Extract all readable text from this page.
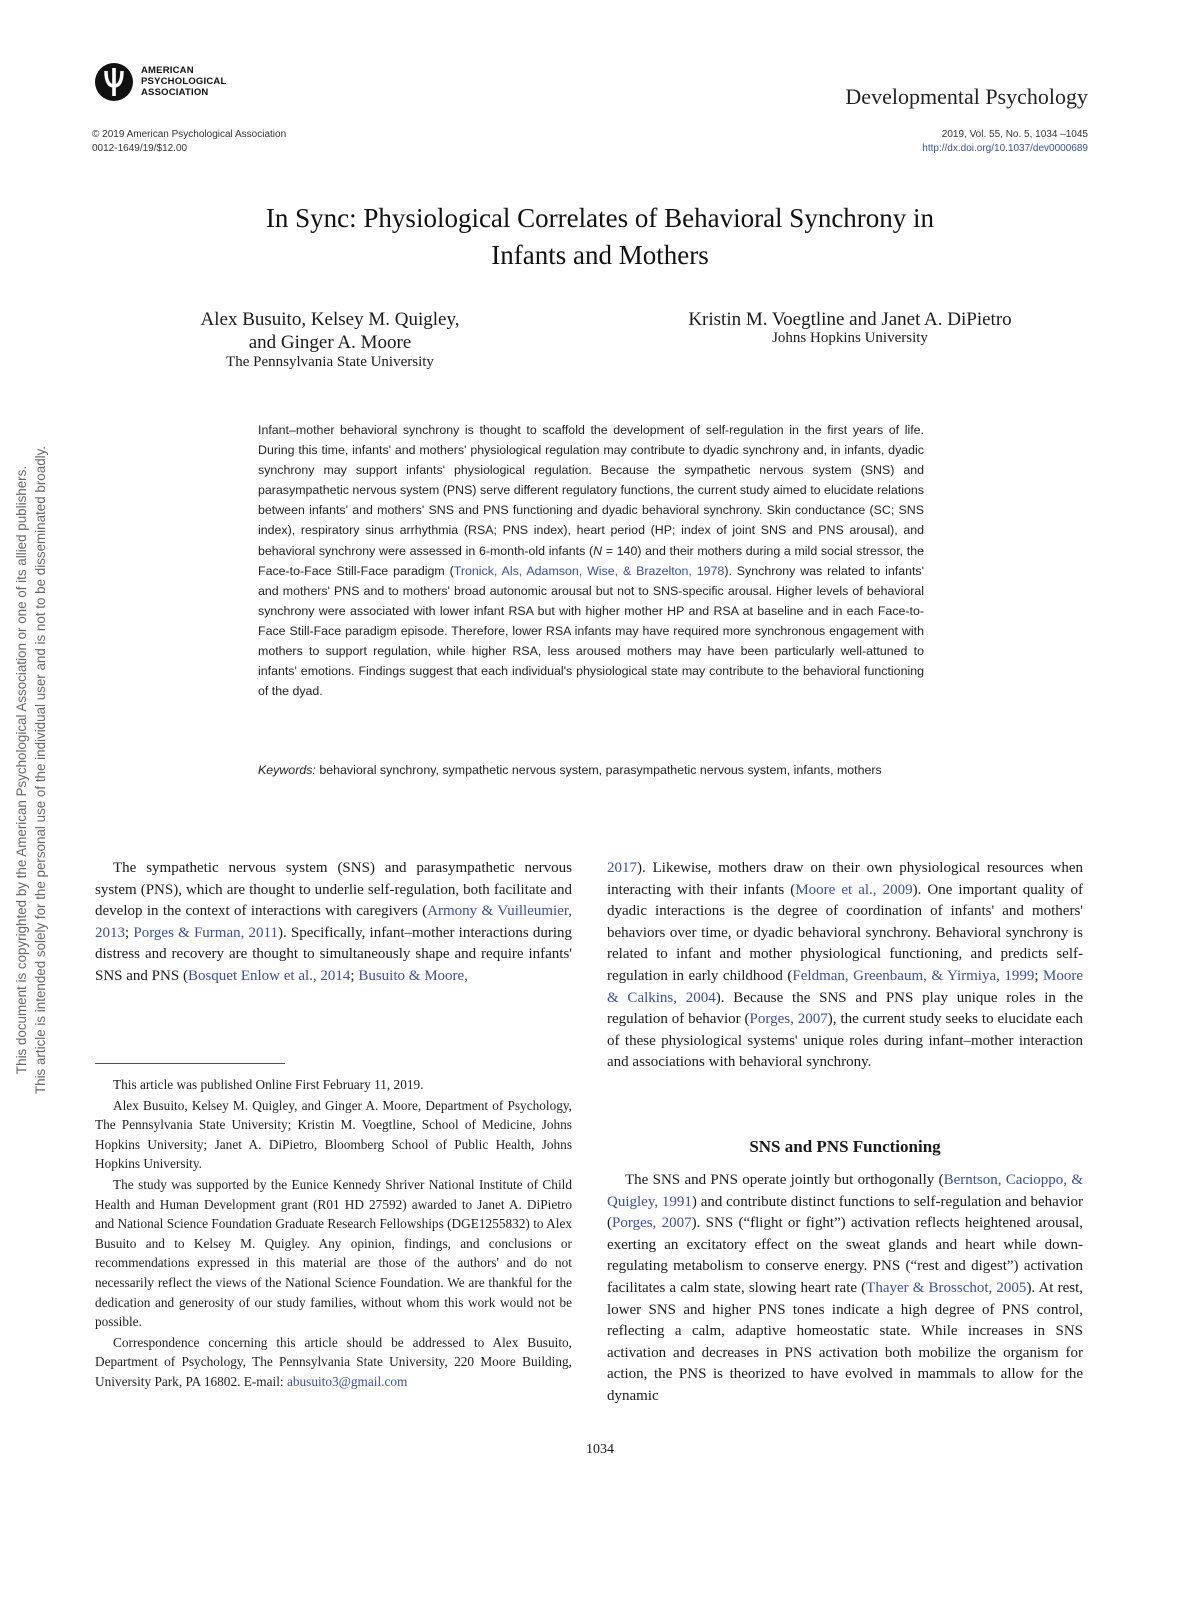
This document is copyrighted by the American Psychological Association or one of its allied publishers. This article is intended solely for the personal use of the individual user and is not to be disseminated broadly.
AMERICAN
PSYCHOLOGICAL
ASSOCIATION	Developmental Psychology
© 2019 American Psychological Association
0012-1649/19/$12.00
2019, Vol. 55, No. 5, 1034 –1045
http://dx.doi.org/10.1037/dev0000689
In Sync: Physiological Correlates of Behavioral Synchrony in
Infants and Mothers
Alex Busuito, Kelsey M. Quigley,
and Ginger A. Moore
The Pennsylvania State University
Kristin M. Voegtline and Janet A. DiPietro
Johns Hopkins University
Infant–mother behavioral synchrony is thought to scaffold the development of self-regulation in the first years of life. During this time, infants' and mothers' physiological regulation may contribute to dyadic synchrony and, in infants, dyadic synchrony may support infants' physiological regulation. Because the sympathetic nervous system (SNS) and parasympathetic nervous system (PNS) serve different regulatory functions, the current study aimed to elucidate relations between infants' and mothers' SNS and PNS functioning and dyadic behavioral synchrony. Skin conductance (SC; SNS index), respiratory sinus arrhythmia (RSA; PNS index), heart period (HP; index of joint SNS and PNS arousal), and behavioral synchrony were assessed in 6-month-old infants (N = 140) and their mothers during a mild social stressor, the Face-to-Face Still-Face paradigm (Tronick, Als, Adamson, Wise, & Brazelton, 1978). Synchrony was related to infants' and mothers' PNS and to mothers' broad autonomic arousal but not to SNS-specific arousal. Higher levels of behavioral synchrony were associated with lower infant RSA but with higher mother HP and RSA at baseline and in each Face-to-Face Still-Face paradigm episode. Therefore, lower RSA infants may have required more synchronous engagement with mothers to support regulation, while higher RSA, less aroused mothers may have been particularly well-attuned to infants' emotions. Findings suggest that each individual's physiological state may contribute to the behavioral functioning of the dyad.
Keywords: behavioral synchrony, sympathetic nervous system, parasympathetic nervous system, infants, mothers

The sympathetic nervous system (SNS) and parasympathetic nervous system (PNS), which are thought to underlie self-regulation, both facilitate and develop in the context of interactions with caregivers (Armony & Vuilleumier, 2013; Porges & Furman, 2011). Specifically, infant–mother interactions during distress and recovery are thought to simultaneously shape and require infants' SNS and PNS (Bosquet Enlow et al., 2014; Busuito & Moore,

This article was published Online First February 11, 2019.

Alex Busuito, Kelsey M. Quigley, and Ginger A. Moore, Department of Psychology, The Pennsylvania State University; Kristin M. Voegtline, School of Medicine, Johns Hopkins University; Janet A. DiPietro, Bloomberg School of Public Health, Johns Hopkins University.

The study was supported by the Eunice Kennedy Shriver National Institute of Child Health and Human Development grant (R01 HD 27592) awarded to Janet A. DiPietro and National Science Foundation Graduate Research Fellowships (DGE1255832) to Alex Busuito and to Kelsey M. Quigley. Any opinion, findings, and conclusions or recommendations expressed in this material are those of the authors' and do not necessarily reflect the views of the National Science Foundation. We are thankful for the dedication and generosity of our study families, without whom this work would not be possible.

Correspondence concerning this article should be addressed to Alex Busuito, Department of Psychology, The Pennsylvania State University, 220 Moore Building, University Park, PA 16802. E-mail: abusuito3@gmail.com

2017). Likewise, mothers draw on their own physiological resources when interacting with their infants (Moore et al., 2009). One important quality of dyadic interactions is the degree of coordination of infants' and mothers' behaviors over time, or dyadic behavioral synchrony. Behavioral synchrony is related to infant and mother physiological functioning, and predicts self-regulation in early childhood (Feldman, Greenbaum, & Yirmiya, 1999; Moore & Calkins, 2004). Because the SNS and PNS play unique roles in the regulation of behavior (Porges, 2007), the current study seeks to elucidate each of these physiological systems' unique roles during infant–mother interaction and associations with behavioral synchrony.
SNS and PNS Functioning

The SNS and PNS operate jointly but orthogonally (Berntson, Cacioppo, & Quigley, 1991) and contribute distinct functions to self-regulation and behavior (Porges, 2007). SNS (“flight or fight”) activation reflects heightened arousal, exerting an excitatory effect on the sweat glands and heart while down-regulating metabolism to conserve energy. PNS (“rest and digest”) activation facilitates a calm state, slowing heart rate (Thayer & Brosschot, 2005). At rest, lower SNS and higher PNS tones indicate a high degree of PNS control, reflecting a calm, adaptive homeostatic state. While increases in SNS activation and decreases in PNS activation both mobilize the organism for action, the PNS is theorized to have evolved in mammals to allow for the dynamic

1034
